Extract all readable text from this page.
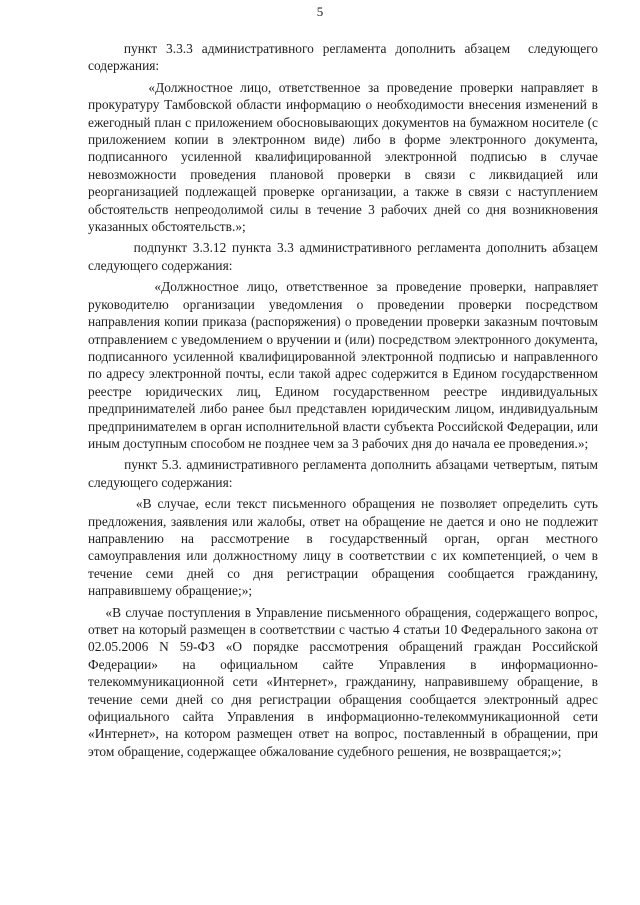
5

пункт 3.3.3 административного регламента дополнить абзацем  следующего содержания:

«Должностное лицо, ответственное за проведение проверки направляет в прокуратуру Тамбовской области информацию о необходимости внесения изменений в ежегодный план с приложением обосновывающих документов на бумажном носителе (с приложением копии в электронном виде) либо в форме электронного документа, подписанного усиленной квалифицированной электронной подписью в случае невозможности проведения плановой проверки в связи с ликвидацией или реорганизацией подлежащей проверке организации, а также в связи с наступлением обстоятельств непреодолимой силы в течение 3 рабочих дней со дня возникновения указанных обстоятельств.»;

подпункт 3.3.12 пункта 3.3 административного регламента дополнить абзацем следующего содержания:

«Должностное лицо, ответственное за проведение проверки, направляет руководителю организации уведомления о проведении проверки посредством направления копии приказа (распоряжения) о проведении проверки заказным почтовым отправлением с уведомлением о вручении и (или) посредством электронного документа, подписанного усиленной квалифицированной электронной подписью и направленного по адресу электронной почты, если такой адрес содержится в Едином государственном реестре юридических лиц, Едином государственном реестре индивидуальных предпринимателей либо ранее был представлен юридическим лицом, индивидуальным предпринимателем в орган исполнительной власти субъекта Российской Федерации, или иным доступным способом не позднее чем за 3 рабочих дня до начала ее проведения.»;

пункт 5.3. административного регламента дополнить абзацами четвертым, пятым следующего содержания:

«В случае, если текст письменного обращения не позволяет определить суть предложения, заявления или жалобы, ответ на обращение не дается и оно не подлежит направлению на рассмотрение в государственный орган, орган местного самоуправления или должностному лицу в соответствии с их компетенцией, о чем в течение семи дней со дня регистрации обращения сообщается гражданину, направившему обращение;»;

«В случае поступления в Управление письменного обращения, содержащего вопрос, ответ на который размещен в соответствии с частью 4 статьи 10 Федерального закона от 02.05.2006 N 59-ФЗ «О порядке рассмотрения обращений граждан Российской Федерации» на официальном сайте Управления в информационно-телекоммуникационной сети «Интернет», гражданину, направившему обращение, в течение семи дней со дня регистрации обращения сообщается электронный адрес официального сайта Управления в информационно-телекоммуникационной сети «Интернет», на котором размещен ответ на вопрос, поставленный в обращении, при этом обращение, содержащее обжалование судебного решения, не возвращается;»;
